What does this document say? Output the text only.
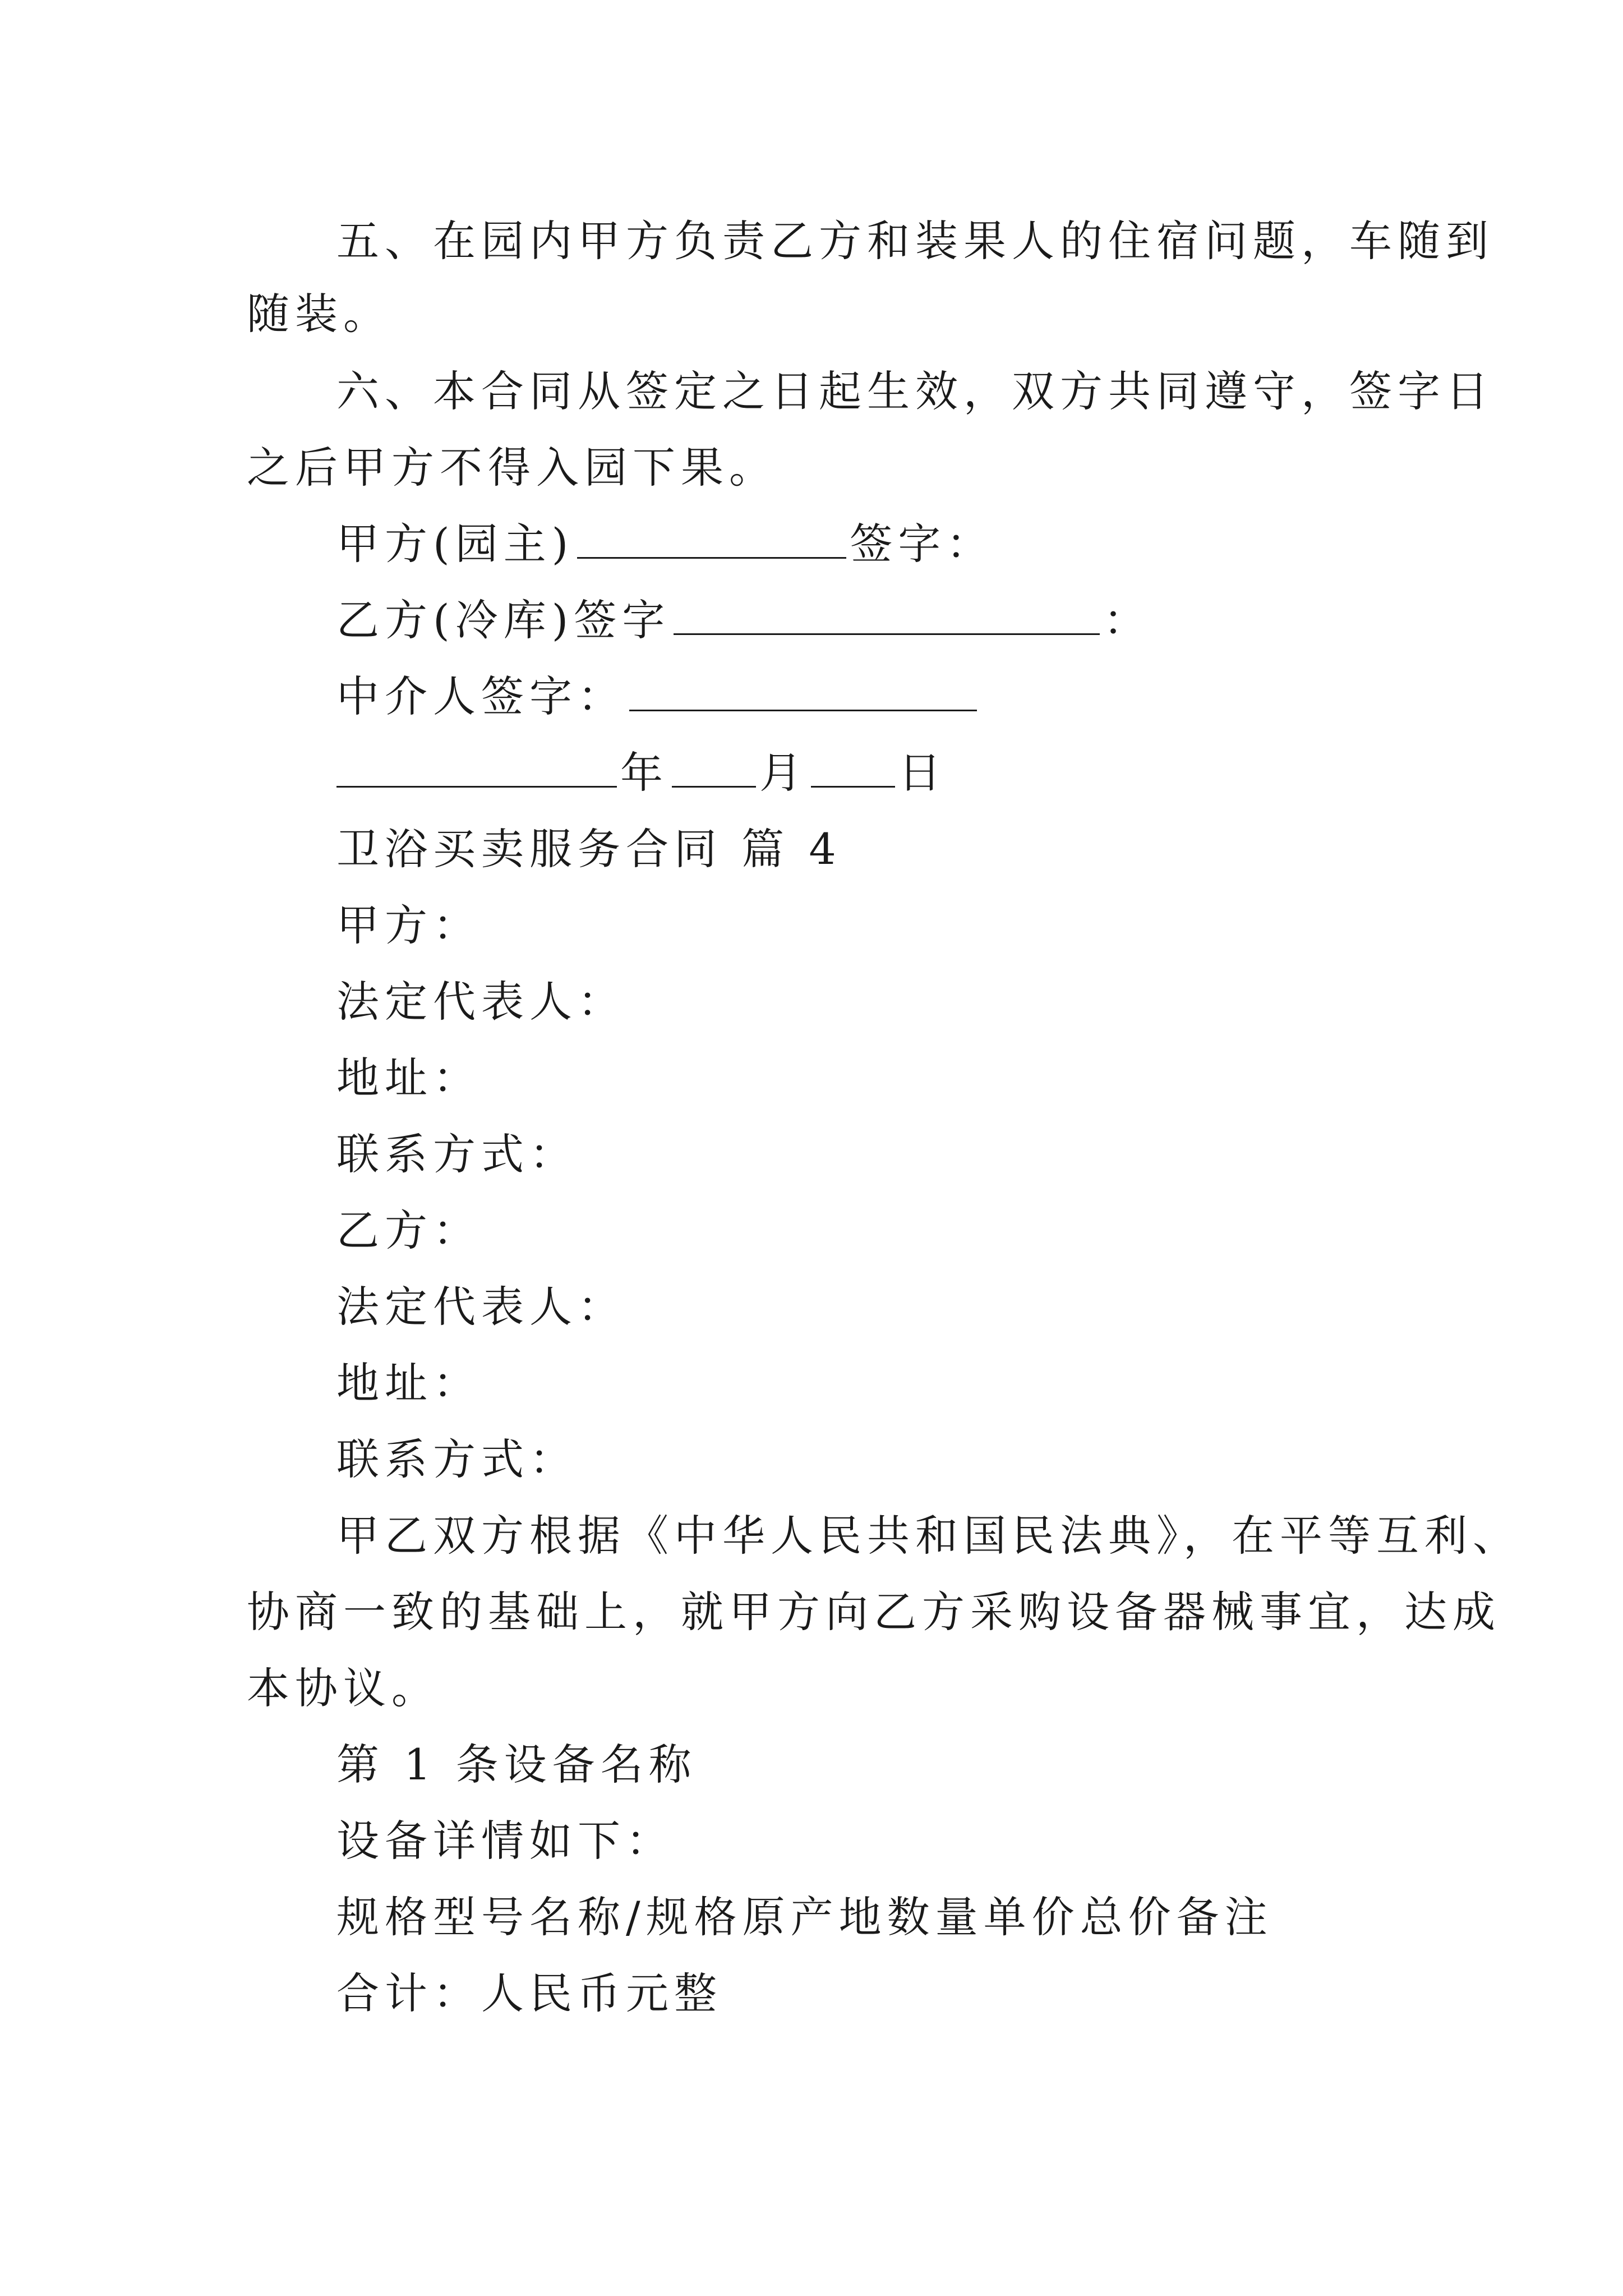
五、在园内甲方负责乙方和装果人的住宿问题，车随到
随装。
六、本合同从签定之日起生效，双方共同遵守，签字日
之后甲方不得入园下果。
甲方(园主)	签字：
乙方(冷库)签字	：
中介人签字：
年 月 日
卫浴买卖服务合同 篇 4
甲方：
法定代表人：
地址：
联系方式：
乙方：
法定代表人：
地址：
联系方式：
甲乙双方根据《中华人民共和国民法典》，在平等互利、
协商一致的基础上，就甲方向乙方采购设备器械事宜，达成
本协议。
第 1 条设备名称
设备详情如下：
规格型号名称/规格原产地数量单价总价备注
合计：人民币元整
